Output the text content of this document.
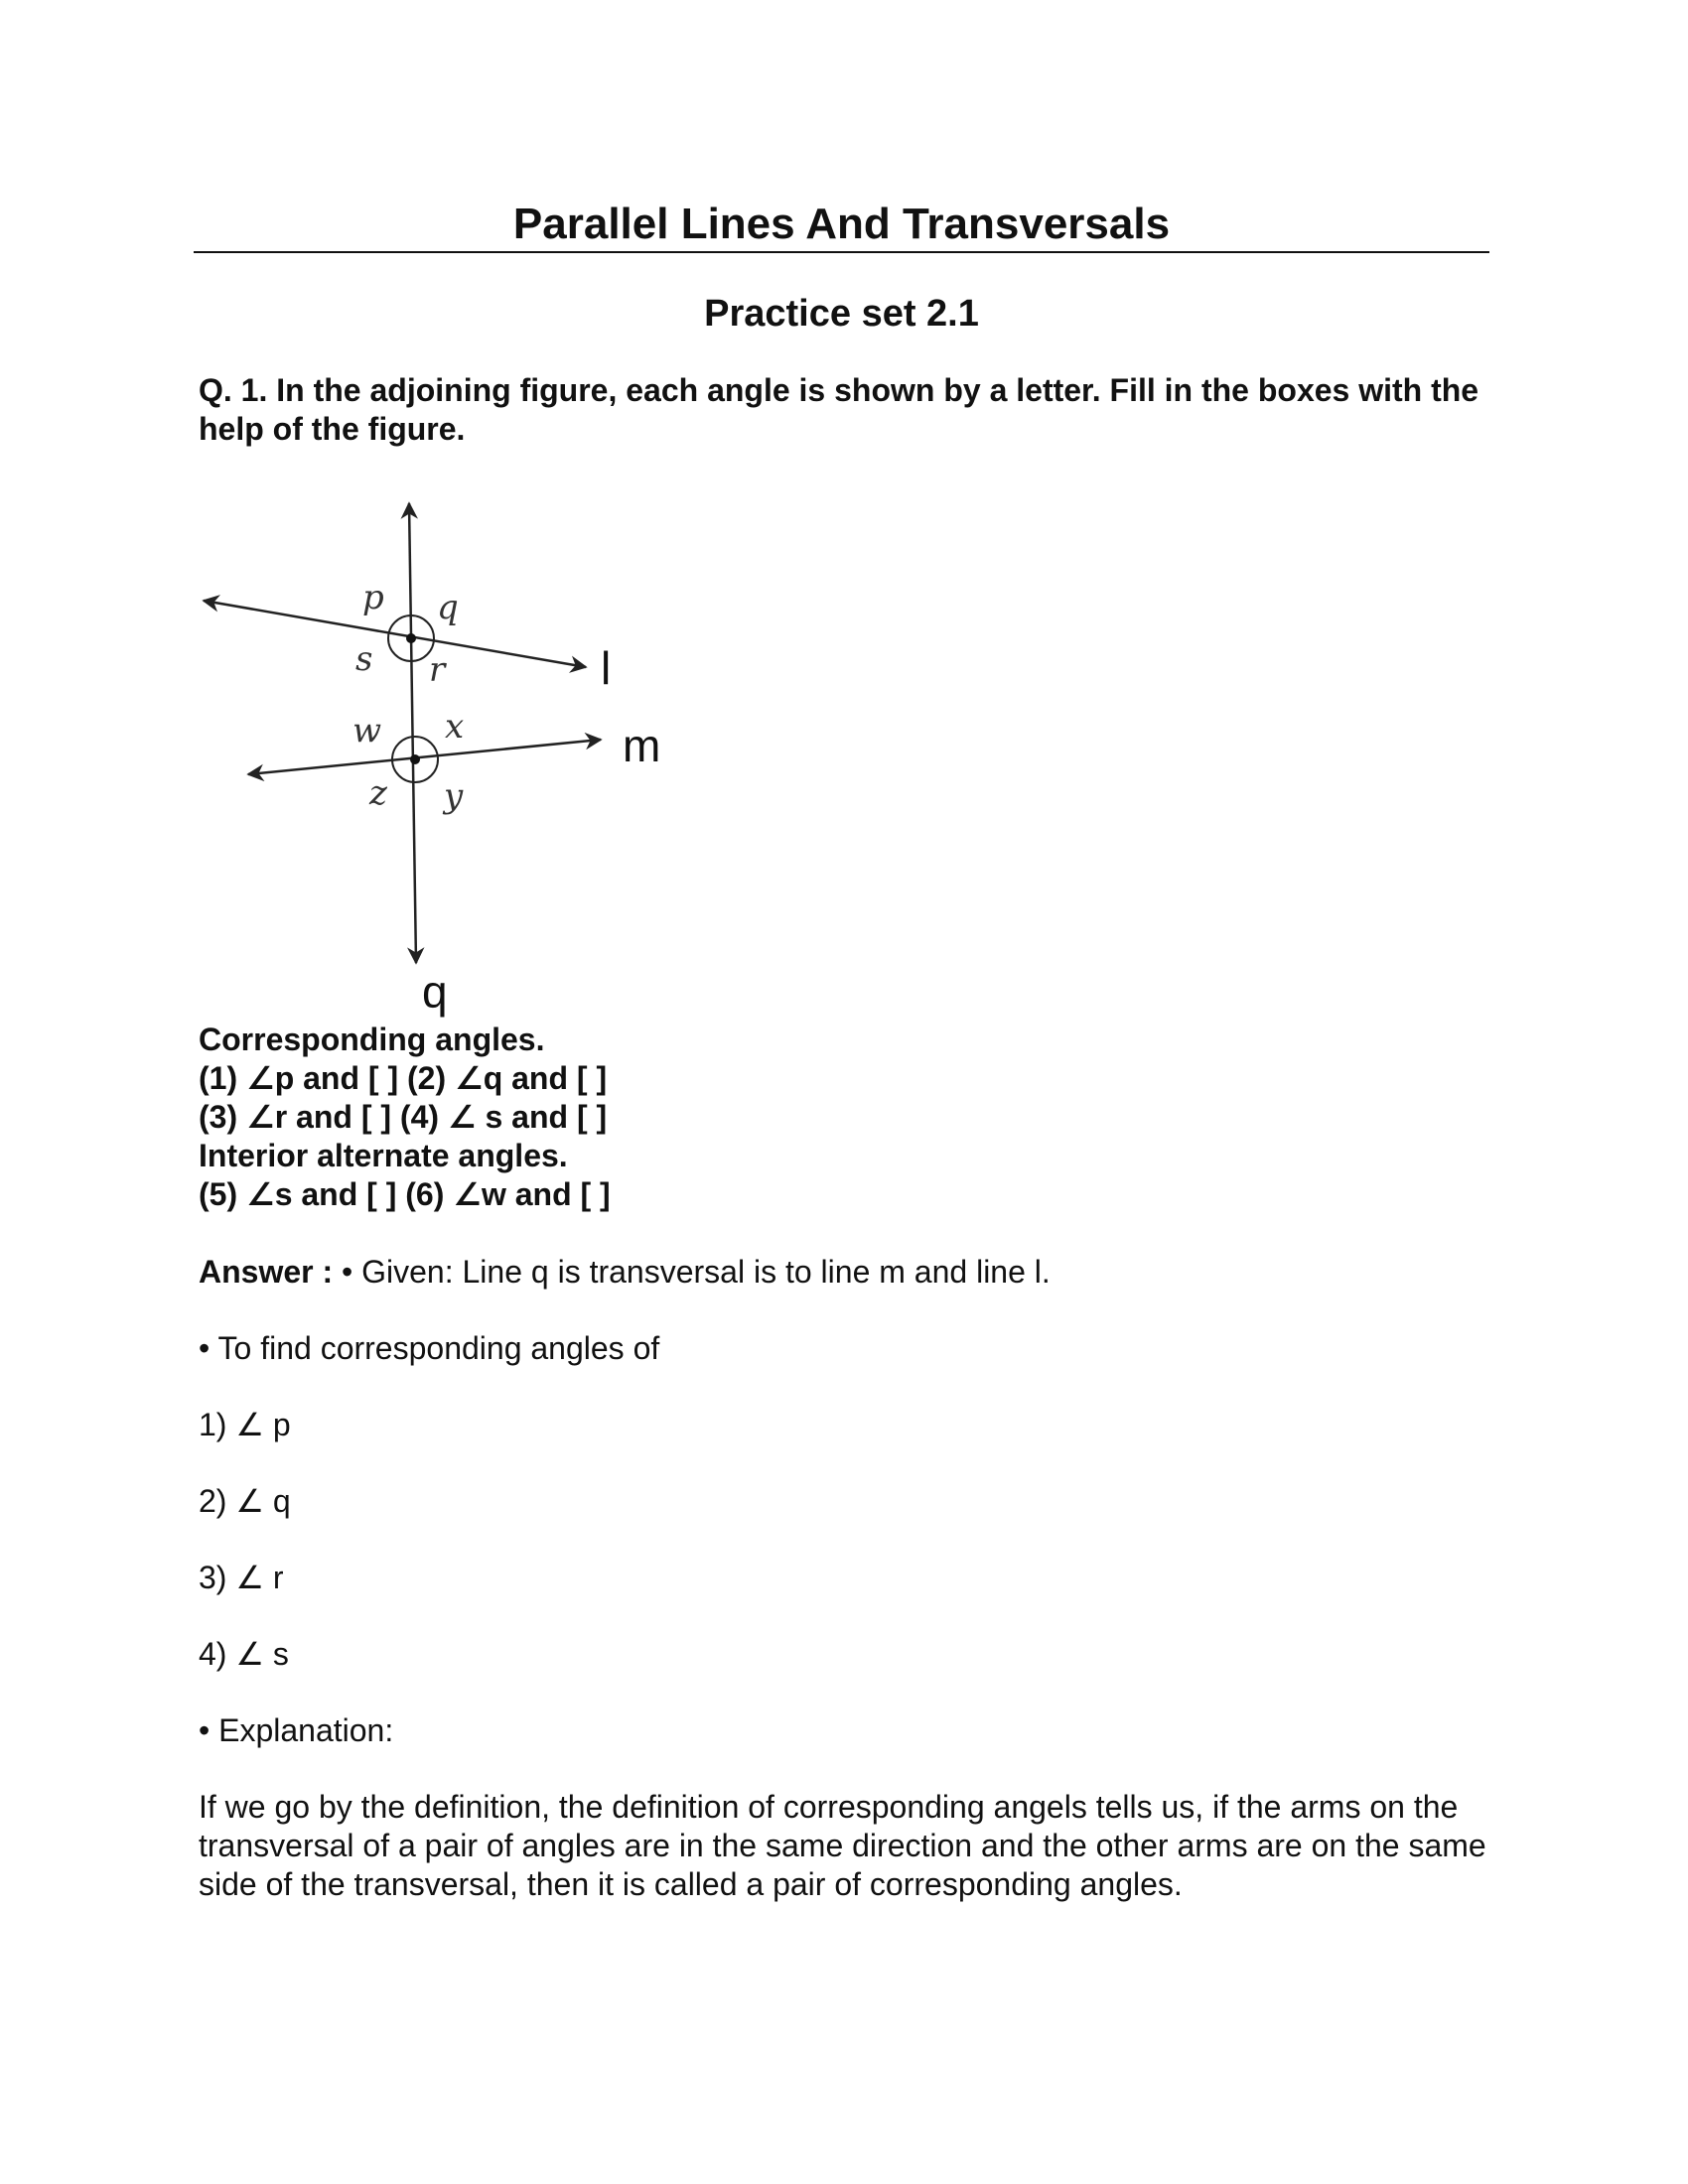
Parallel Lines And Transversals
Practice set 2.1

Q. 1. In the adjoining figure, each angle is shown by a letter. Fill in the boxes with the help of the figure.

p q
s r
w x
z y
l
m
q
Corresponding angles.
(1) ∠p and [ ] (2) ∠q and [ ]
(3) ∠r and [ ] (4) ∠ s and [ ]
Interior alternate angles.
(5) ∠s and [ ] (6) ∠w and [ ]

Answer : • Given: Line q is transversal is to line m and line l.

• To find corresponding angles of

1) ∠ p

2) ∠ q

3) ∠ r

4) ∠ s

• Explanation:

If we go by the definition, the definition of corresponding angels tells us, if the arms on the transversal of a pair of angles are in the same direction and the other arms are on the same side of the transversal, then it is called a pair of corresponding angles.
